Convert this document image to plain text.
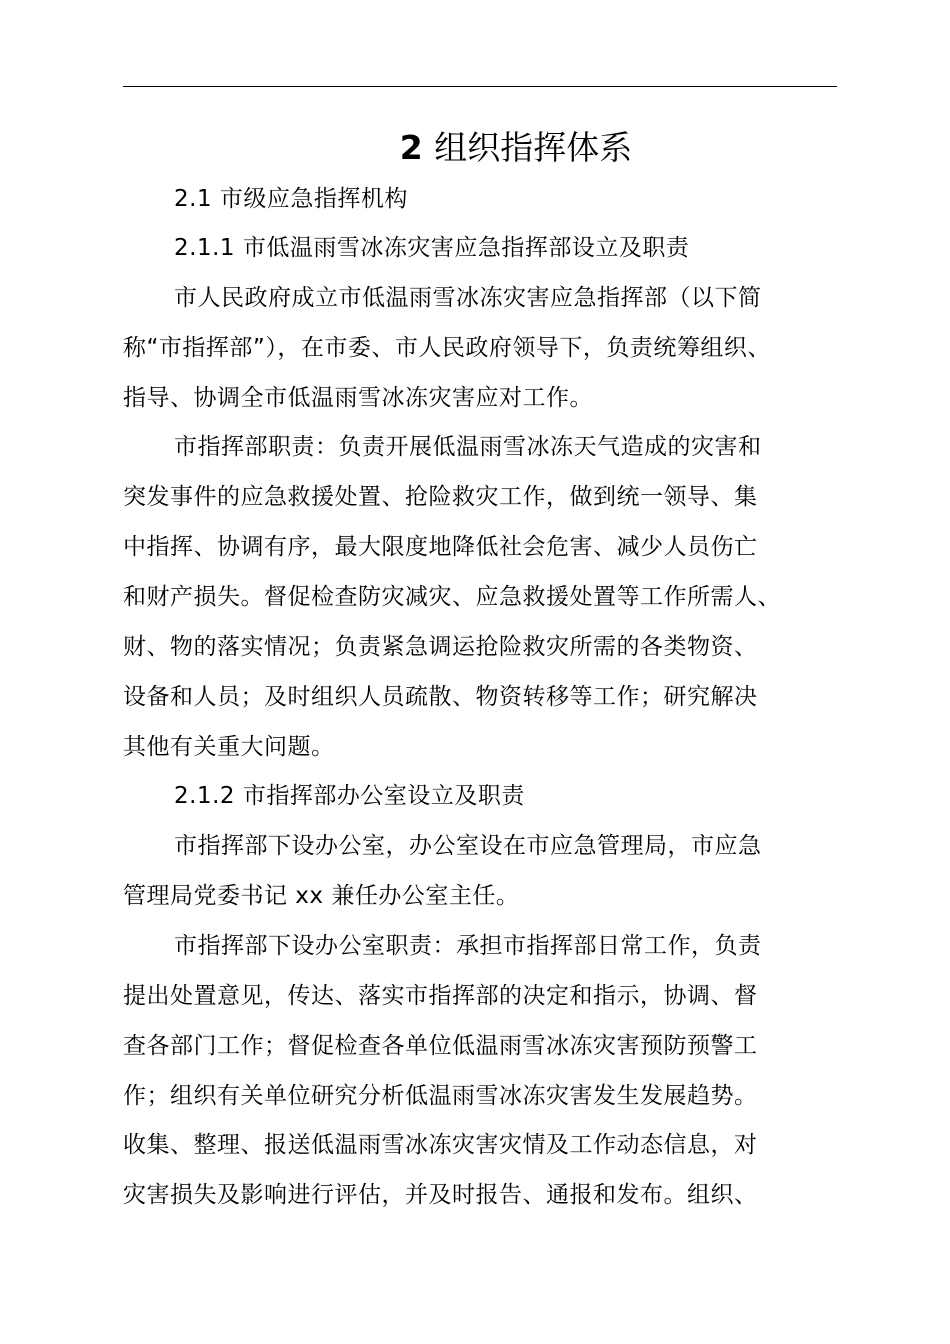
2 组织指挥体系
2.1 市级应急指挥机构
2.1.1 市低温雨雪冰冻灾害应急指挥部设立及职责
市人民政府成立市低温雨雪冰冻灾害应急指挥部（以下简
称“市指挥部”），在市委、市人民政府领导下，负责统筹组织、
指导、协调全市低温雨雪冰冻灾害应对工作。
市指挥部职责：负责开展低温雨雪冰冻天气造成的灾害和
突发事件的应急救援处置、抢险救灾工作，做到统一领导、集
中指挥、协调有序，最大限度地降低社会危害、减少人员伤亡
和财产损失。督促检查防灾减灾、应急救援处置等工作所需人、
财、物的落实情况；负责紧急调运抢险救灾所需的各类物资、
设备和人员；及时组织人员疏散、物资转移等工作；研究解决
其他有关重大问题。
2.1.2 市指挥部办公室设立及职责
市指挥部下设办公室，办公室设在市应急管理局，市应急
管理局党委书记 xx 兼任办公室主任。
市指挥部下设办公室职责：承担市指挥部日常工作，负责
提出处置意见，传达、落实市指挥部的决定和指示，协调、督
查各部门工作；督促检查各单位低温雨雪冰冻灾害预防预警工
作；组织有关单位研究分析低温雨雪冰冻灾害发生发展趋势。
收集、整理、报送低温雨雪冰冻灾害灾情及工作动态信息，对
灾害损失及影响进行评估，并及时报告、通报和发布。组织、
